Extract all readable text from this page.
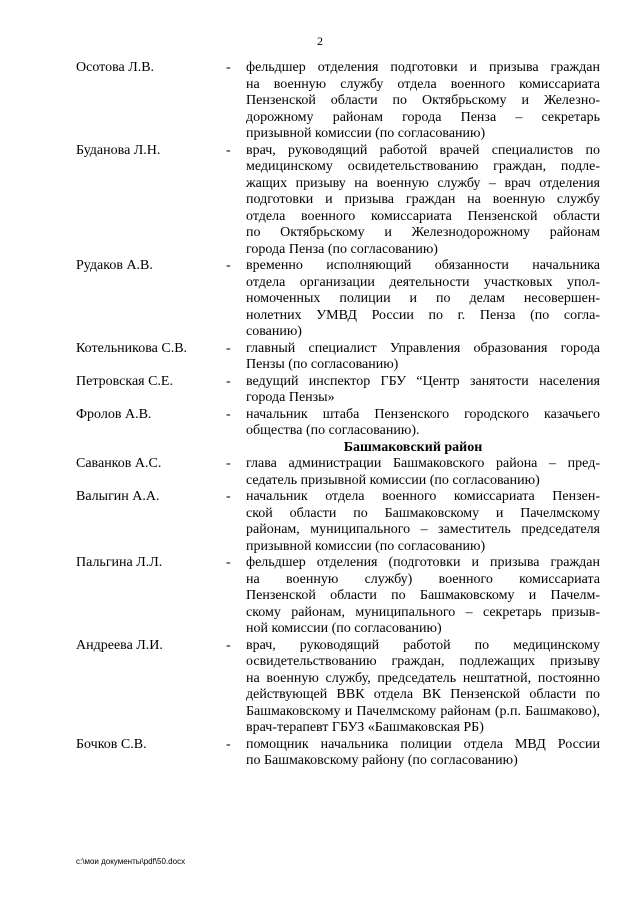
2
Осотова Л.В.	-	фельдшер отделения подготовки и призыва граждан
на военную службу отдела военного комиссариата
Пензенской области по Октябрьскому и Железно-
дорожному районам города Пенза – секретарь
призывной комиссии (по согласованию)
Буданова Л.Н.	-	врач, руководящий работой врачей специалистов по
медицинскому освидетельствованию граждан, подле-
жащих призыву на военную службу – врач отделения
подготовки и призыва граждан на военную службу
отдела военного комиссариата Пензенской области
по Октябрьскому и Железнодорожному районам
города Пенза (по согласованию)
Рудаков А.В.	-	временно исполняющий обязанности начальника
отдела организации деятельности участковых упол-
номоченных полиции и по делам несовершен-
нолетних УМВД России по г. Пенза (по согла-
сованию)
Котельникова С.В.	-	главный специалист Управления образования города
Пензы (по согласованию)
Петровская С.Е.	-	ведущий инспектор ГБУ “Центр занятости населения
города Пензы»
Фролов А.В.	-	начальник штаба Пензенского городского казачьего
общества (по согласованию).
Башмаковский район
Саванков А.С.	-	глава администрации Башмаковского района – пред-
седатель призывной комиссии (по согласованию)
Валыгин А.А.	-	начальник отдела военного комиссариата Пензен-
ской области по Башмаковскому и Пачелмскому
районам, муниципального – заместитель председателя
призывной комиссии (по согласованию)
Пальгина Л.Л.	-	фельдшер отделения (подготовки и призыва граждан
на военную службу) военного комиссариата
Пензенской области по Башмаковскому и Пачелм-
скому районам, муниципального – секретарь призыв-
ной комиссии (по согласованию)
Андреева Л.И.	-	врач, руководящий работой по медицинскому
освидетельствованию граждан, подлежащих призыву
на военную службу, председатель нештатной, постоянно
действующей ВВК отдела ВК Пензенской области по
Башмаковскому и Пачелмскому районам (р.п. Башмаково),
врач-терапевт ГБУЗ «Башмаковская РБ)
Бочков С.В.	-	помощник начальника полиции отдела МВД России
по Башмаковскому району (по согласованию)
c:\мои документы\pdf\50.docx
